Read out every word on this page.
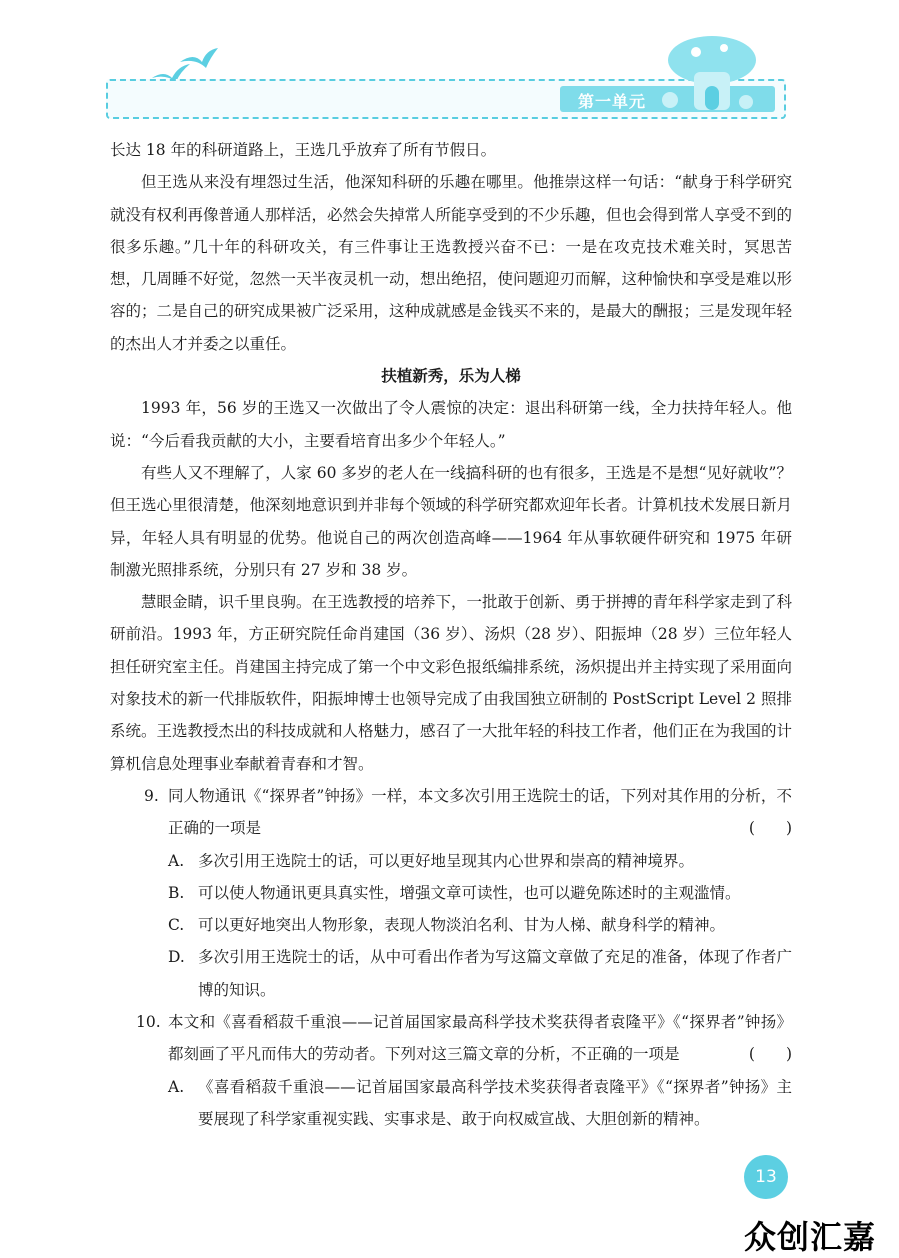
第一单元

长达 18 年的科研道路上，王选几乎放弃了所有节假日。

但王选从来没有埋怨过生活，他深知科研的乐趣在哪里。他推崇这样一句话：“献身于科学研究就没有权利再像普通人那样活，必然会失掉常人所能享受到的不少乐趣，但也会得到常人享受不到的很多乐趣。”几十年的科研攻关，有三件事让王选教授兴奋不已：一是在攻克技术难关时，冥思苦想，几周睡不好觉，忽然一天半夜灵机一动，想出绝招，使问题迎刃而解，这种愉快和享受是难以形容的；二是自己的研究成果被广泛采用，这种成就感是金钱买不来的，是最大的酬报；三是发现年轻的杰出人才并委之以重任。

扶植新秀，乐为人梯

1993 年，56 岁的王选又一次做出了令人震惊的决定：退出科研第一线，全力扶持年轻人。他说：“今后看我贡献的大小，主要看培育出多少个年轻人。”

有些人又不理解了，人家 60 多岁的老人在一线搞科研的也有很多，王选是不是想“见好就收”？但王选心里很清楚，他深刻地意识到并非每个领域的科学研究都欢迎年长者。计算机技术发展日新月异，年轻人具有明显的优势。他说自己的两次创造高峰——1964 年从事软硬件研究和 1975 年研制激光照排系统，分别只有 27 岁和 38 岁。

慧眼金睛，识千里良驹。在王选教授的培养下，一批敢于创新、勇于拼搏的青年科学家走到了科研前沿。1993 年，方正研究院任命肖建国（36 岁）、汤炽（28 岁）、阳振坤（28 岁）三位年轻人担任研究室主任。肖建国主持完成了第一个中文彩色报纸编排系统，汤炽提出并主持实现了采用面向对象技术的新一代排版软件，阳振坤博士也领导完成了由我国独立研制的 PostScript Level 2 照排系统。王选教授杰出的科技成就和人格魅力，感召了一大批年轻的科技工作者，他们正在为我国的计算机信息处理事业奉献着青春和才智。

9. 同人物通讯《“探界者”钟扬》一样，本文多次引用王选院士的话，下列对其作用的分析，不正确的一项是	(　　)
A. 多次引用王选院士的话，可以更好地呈现其内心世界和崇高的精神境界。
B. 可以使人物通讯更具真实性，增强文章可读性，也可以避免陈述时的主观滥情。
C. 可以更好地突出人物形象，表现人物淡泊名利、甘为人梯、献身科学的精神。
D. 多次引用王选院士的话，从中可看出作者为写这篇文章做了充足的准备，体现了作者广博的知识。
10. 本文和《喜看稻菽千重浪——记首届国家最高科学技术奖获得者袁隆平》《“探界者”钟扬》都刻画了平凡而伟大的劳动者。下列对这三篇文章的分析，不正确的一项是	(　　)
A. 《喜看稻菽千重浪——记首届国家最高科学技术奖获得者袁隆平》《“探界者”钟扬》主要展现了科学家重视实践、实事求是、敢于向权威宣战、大胆创新的精神。
13
众创汇嘉
